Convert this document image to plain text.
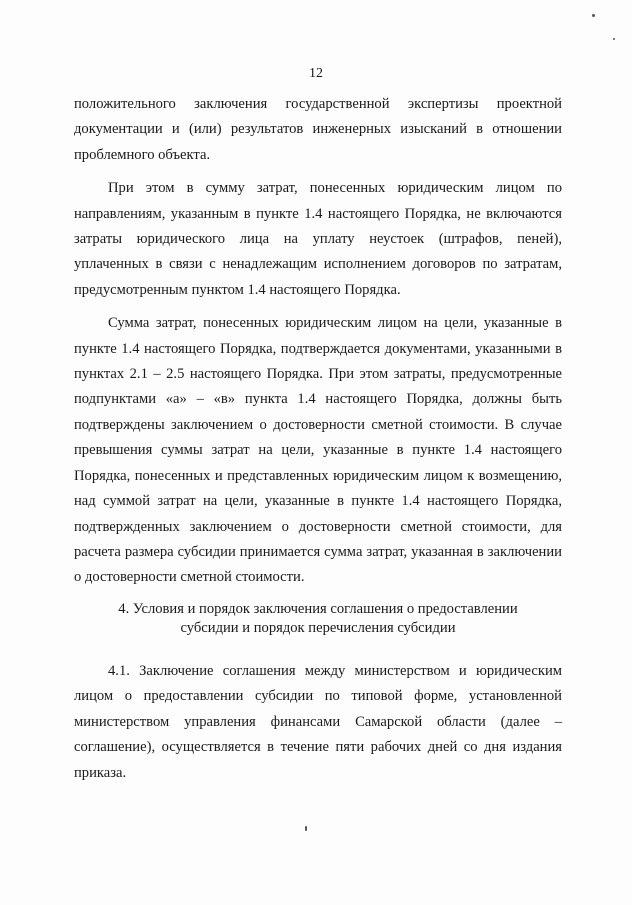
12

положительного заключения государственной экспертизы проектной документации и (или) результатов инженерных изысканий в отношении проблемного объекта.

При этом в сумму затрат, понесенных юридическим лицом по направлениям, указанным в пункте 1.4 настоящего Порядка, не включаются затраты юридического лица на уплату неустоек (штрафов, пеней), уплаченных в связи с ненадлежащим исполнением договоров по затратам, предусмотренным пунктом 1.4 настоящего Порядка.

Сумма затрат, понесенных юридическим лицом на цели, указанные в пункте 1.4 настоящего Порядка, подтверждается документами, указанными в пунктах 2.1 – 2.5 настоящего Порядка. При этом затраты, предусмотренные подпунктами «а» – «в» пункта 1.4 настоящего Порядка, должны быть подтверждены заключением о достоверности сметной стоимости. В случае превышения суммы затрат на цели, указанные в пункте 1.4 настоящего Порядка, понесенных и представленных юридическим лицом к возмещению, над суммой затрат на цели, указанные в пункте 1.4 настоящего Порядка, подтвержденных заключением о достоверности сметной стоимости, для расчета размера субсидии принимается сумма затрат, указанная в заключении о достоверности сметной стоимости.

4. Условия и порядок заключения соглашения о предоставлении
субсидии и порядок перечисления субсидии

4.1. Заключение соглашения между министерством и юридическим лицом о предоставлении субсидии по типовой форме, установленной министерством управления финансами Самарской области (далее – соглашение), осуществляется в течение пяти рабочих дней со дня издания приказа.
